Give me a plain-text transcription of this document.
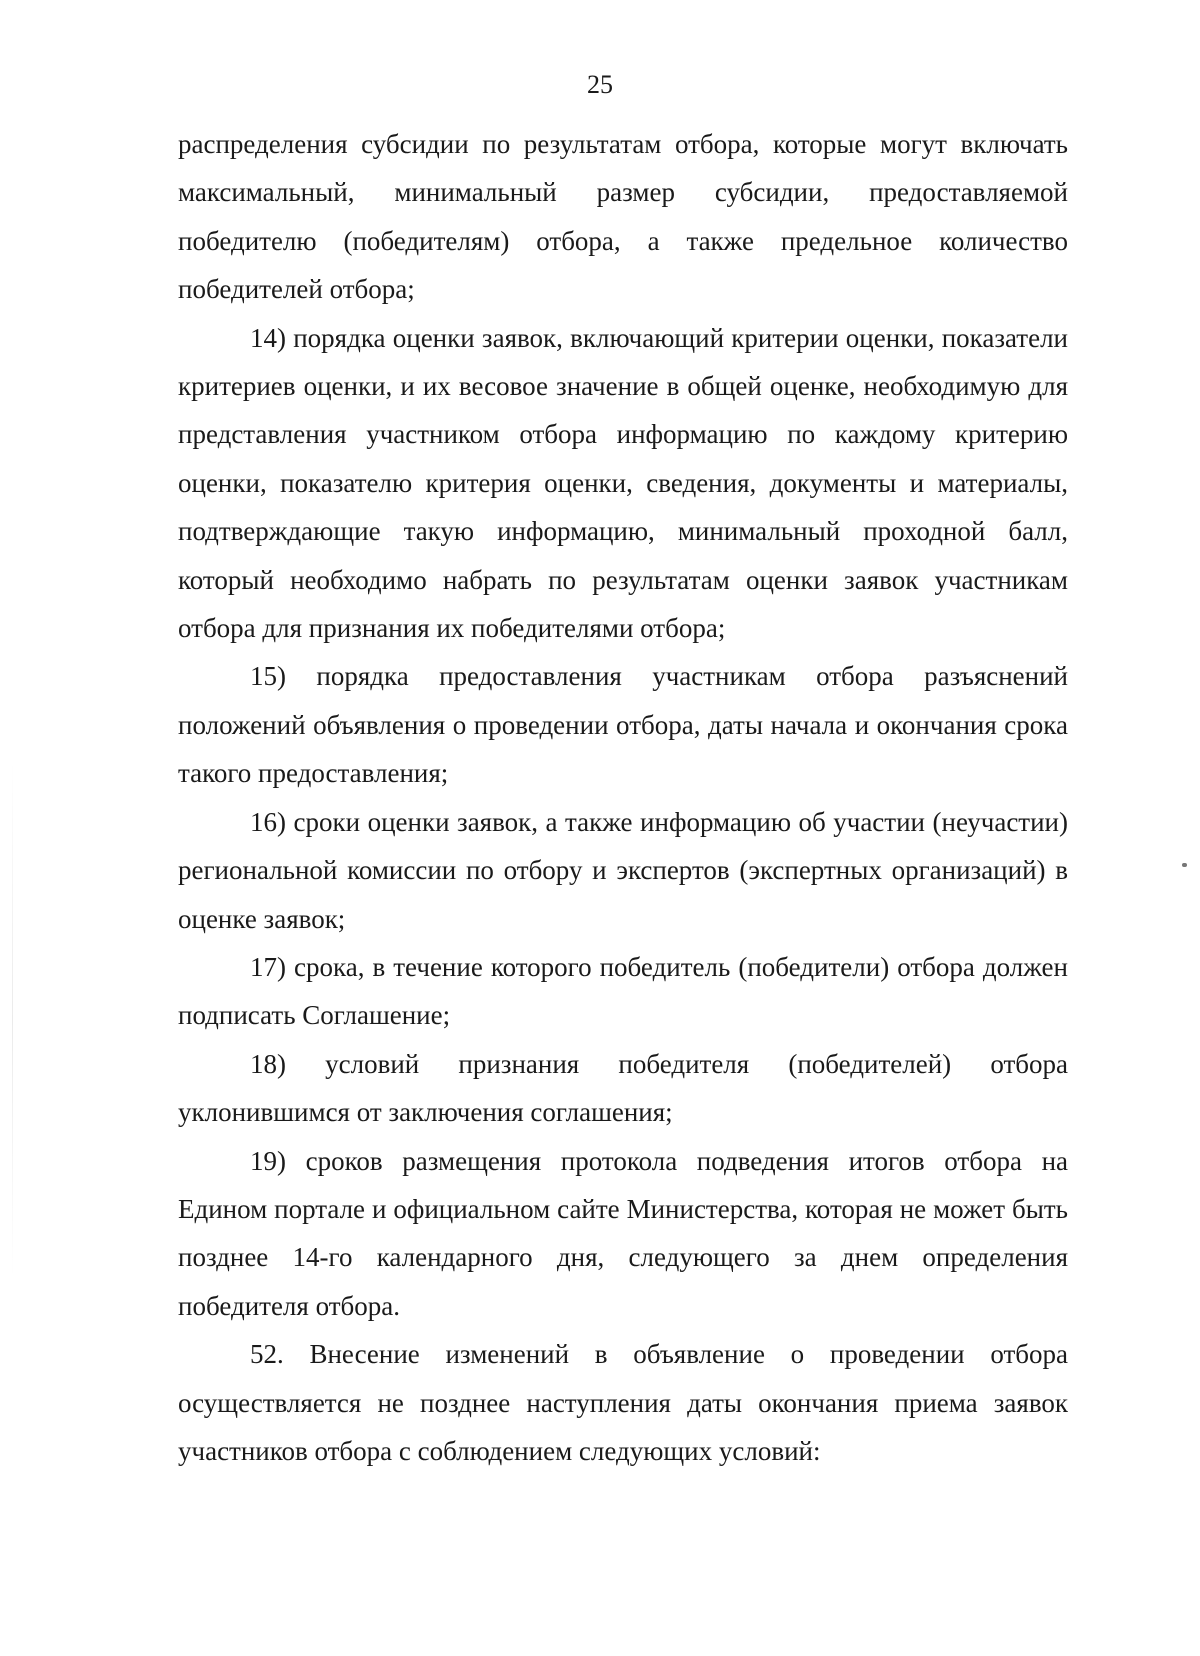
25

распределения субсидии по результатам отбора, которые могут включать максимальный, минимальный размер субсидии, предоставляемой победителю (победителям) отбора, а также предельное количество победителей отбора;

14) порядка оценки заявок, включающий критерии оценки, показатели критериев оценки, и их весовое значение в общей оценке, необходимую для представления участником отбора информацию по каждому критерию оценки, показателю критерия оценки, сведения, документы и материалы, подтверждающие такую информацию, минимальный проходной балл, который необходимо набрать по результатам оценки заявок участникам отбора для признания их победителями отбора;

15) порядка предоставления участникам отбора разъяснений положений объявления о проведении отбора, даты начала и окончания срока такого предоставления;

16) сроки оценки заявок, а также информацию об участии (неучастии) региональной комиссии по отбору и экспертов (экспертных организаций) в оценке заявок;

17) срока, в течение которого победитель (победители) отбора должен подписать Соглашение;

18) условий признания победителя (победителей) отбора уклонившимся от заключения соглашения;

19) сроков размещения протокола подведения итогов отбора на Едином портале и официальном сайте Министерства, которая не может быть позднее 14-го календарного дня, следующего за днем определения победителя отбора.

52. Внесение изменений в объявление о проведении отбора осуществляется не позднее наступления даты окончания приема заявок участников отбора с соблюдением следующих условий:
